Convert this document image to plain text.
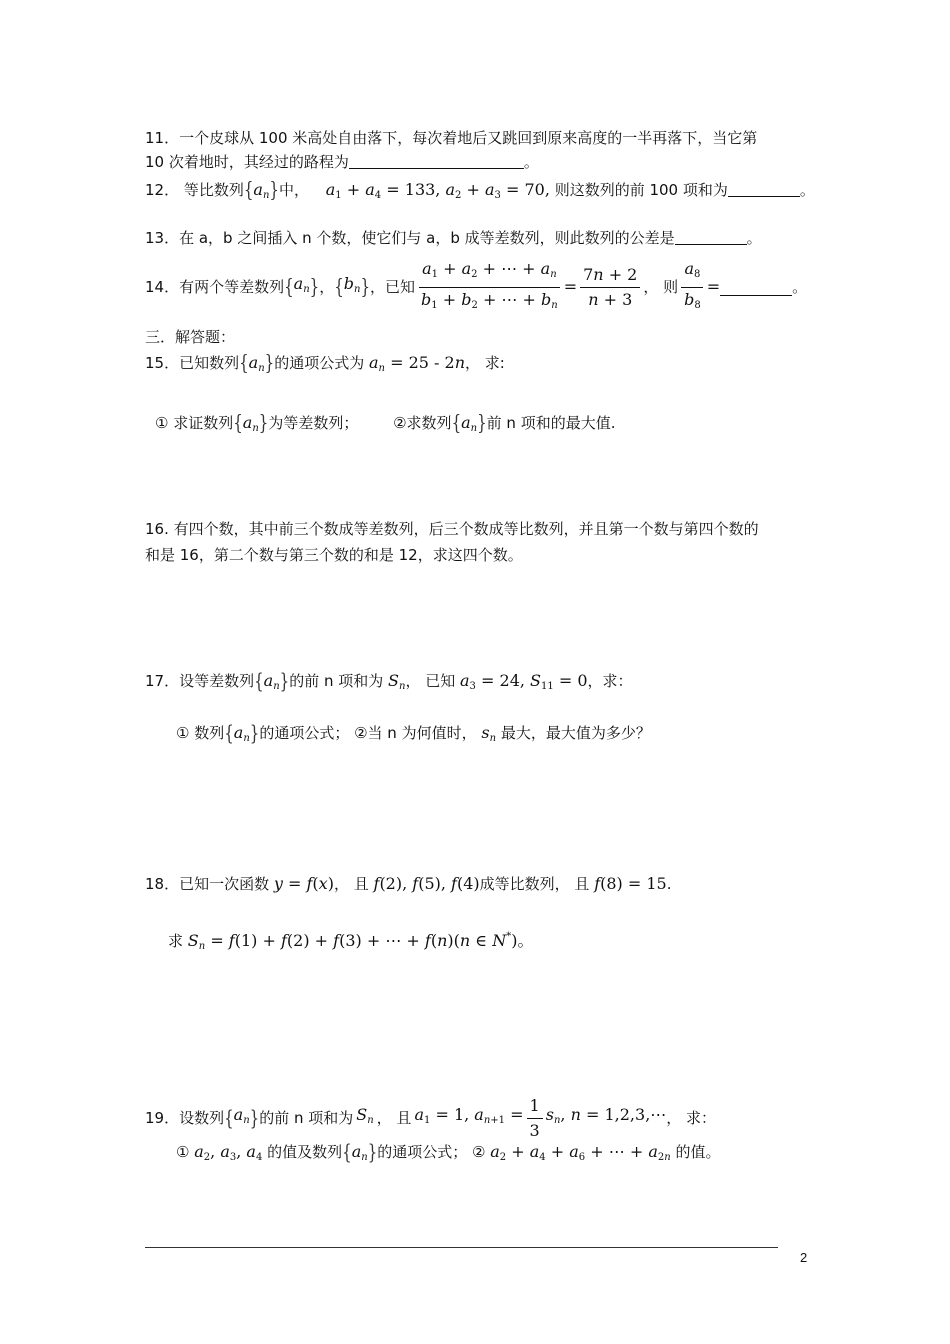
11．一个皮球从 100 米高处自由落下，每次着地后又跳回到原来高度的一半再落下，当它第
10 次着地时，其经过的路程为	。
12． 等比数列$\{a_n\}$中， $a_1 + a_4 = 133$, $a_2 + a_3 = 70$, 则这数列的前 100 项和为	。
13．在 a，b 之间插入 n 个数，使它们与 a，b 成等差数列，则此数列的公差是	。
14．有两个等差数列 { $a_n$ } ， { $b_n$ } ，已知 $\frac{a_1 + a_2 + \cdots + a_n}{b_1 + b_2 + \cdots + b_n} = \frac{7n + 2}{n + 3}$ ， 则 $\frac{a_8}{b_8}$ =	。
三．解答题：
15．已知数列$\{a_n\}$的通项公式为 $a_n = 25 - 2n$， 求:
① 求证数列$\{a_n\}$为等差数列； ②求数列$\{a_n\}$前 n 项和的最大值.
16. 有四个数，其中前三个数成等差数列，后三个数成等比数列，并且第一个数与第四个数的
和是 16，第二个数与第三个数的和是 12，求这四个数。
17．设等差数列$\{a_n\}$的前 n 项和为 $S_n$， 已知 $a_3 = 24$, $S_{11} = 0$，求：
① 数列$\{a_n\}$的通项公式； ②当 n 为何值时， $s_n$ 最大，最大值为多少？
18．已知一次函数 y = f(x)， 且 f(2), f(5), f(4)成等比数列， 且 f(8) = 15.
求 $S_n = f(1) + f(2) + f(3)$ + ⋯ + f(n)(n ∈ N*)。
19．设数列 { $a_n$ } 的前 n 项和为 $S_n$ ， 且 $a_1 = 1$, $a_{n+1} = \frac{1}{3} s_n$, n = 1,2,3,⋯ ， 求：
① $a_2$, $a_3$, $a_4$ 的值及数列$\{a_n\}$的通项公式； ② $a_2 + a_4 + a_6$ + ⋯ + $a_{2n}$ 的值。
2
